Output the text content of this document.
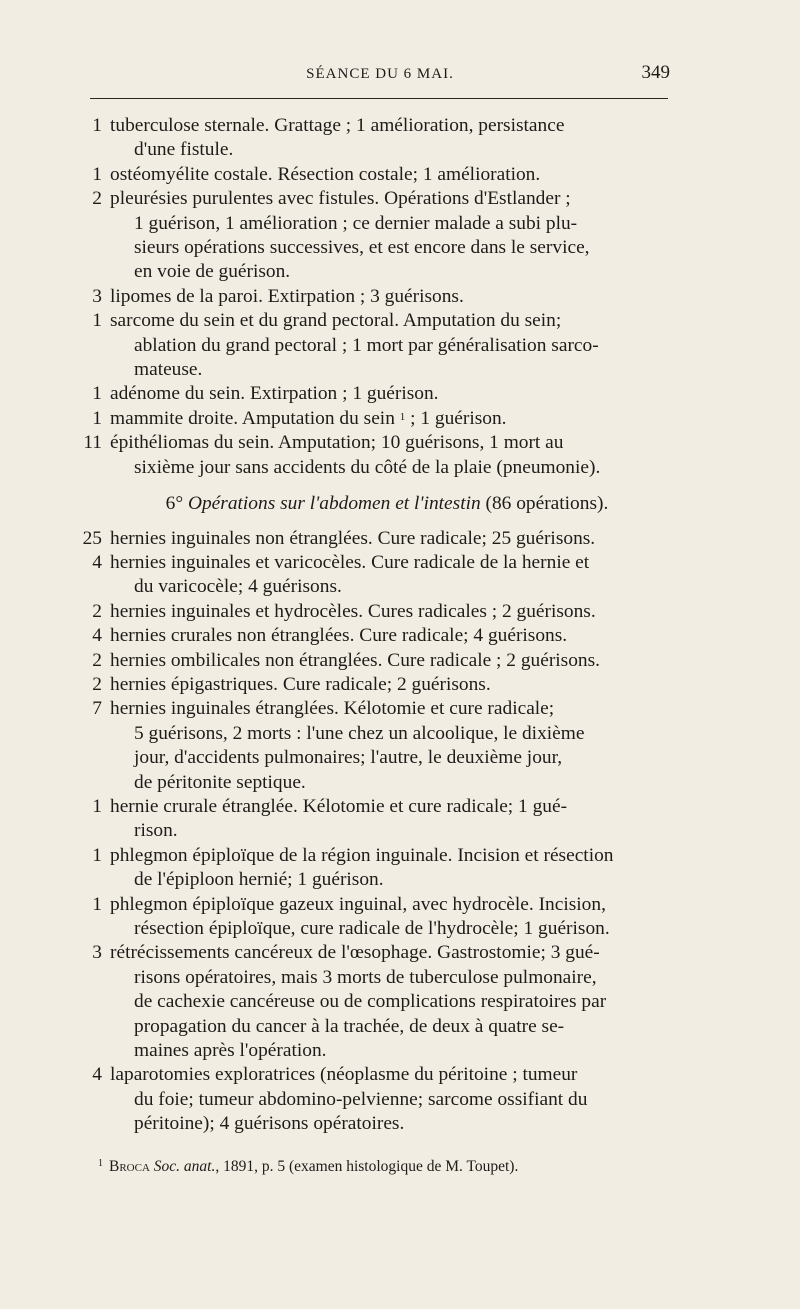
SÉANCE DU 6 MAI.	349
1 tuberculose sternale. Grattage ; 1 amélioration, persistance
d'une fistule.
1 ostéomyélite costale. Résection costale; 1 amélioration.
2 pleurésies purulentes avec fistules. Opérations d'Estlander ;
1 guérison, 1 amélioration ; ce dernier malade a subi plu-
sieurs opérations successives, et est encore dans le service,
en voie de guérison.
3 lipomes de la paroi. Extirpation ; 3 guérisons.
1 sarcome du sein et du grand pectoral. Amputation du sein;
ablation du grand pectoral ; 1 mort par généralisation sarco-
mateuse.
1 adénome du sein. Extirpation ; 1 guérison.
1 mammite droite. Amputation du sein $^1$ ; 1 guérison.
11 épithéliomas du sein. Amputation; 10 guérisons, 1 mort au
sixième jour sans accidents du côté de la plaie (pneumonie).
6° Opérations sur l'abdomen et l'intestin (86 opérations).
25 hernies inguinales non étranglées. Cure radicale; 25 guérisons.
4 hernies inguinales et varicocèles. Cure radicale de la hernie et
du varicocèle; 4 guérisons.
2 hernies inguinales et hydrocèles. Cures radicales ; 2 guérisons.
4 hernies crurales non étranglées. Cure radicale; 4 guérisons.
2 hernies ombilicales non étranglées. Cure radicale ; 2 guérisons.
2 hernies épigastriques. Cure radicale; 2 guérisons.
7 hernies inguinales étranglées. Kélotomie et cure radicale;
5 guérisons, 2 morts : l'une chez un alcoolique, le dixième
jour, d'accidents pulmonaires; l'autre, le deuxième jour,
de péritonite septique.
1 hernie crurale étranglée. Kélotomie et cure radicale; 1 gué-
rison.
1 phlegmon épiploïque de la région inguinale. Incision et résection
de l'épiploon hernié; 1 guérison.
1 phlegmon épiploïque gazeux inguinal, avec hydrocèle. Incision,
résection épiploïque, cure radicale de l'hydrocèle; 1 guérison.
3 rétrécissements cancéreux de l'œsophage. Gastrostomie; 3 gué-
risons opératoires, mais 3 morts de tuberculose pulmonaire,
de cachexie cancéreuse ou de complications respiratoires par
propagation du cancer à la trachée, de deux à quatre se-
maines après l'opération.
4 laparotomies exploratrices (néoplasme du péritoine ; tumeur
du foie; tumeur abdomino-pelvienne; sarcome ossifiant du
péritoine); 4 guérisons opératoires.
$^1$ Broca Soc. anat., 1891, p. 5 (examen histologique de M. Toupet).
